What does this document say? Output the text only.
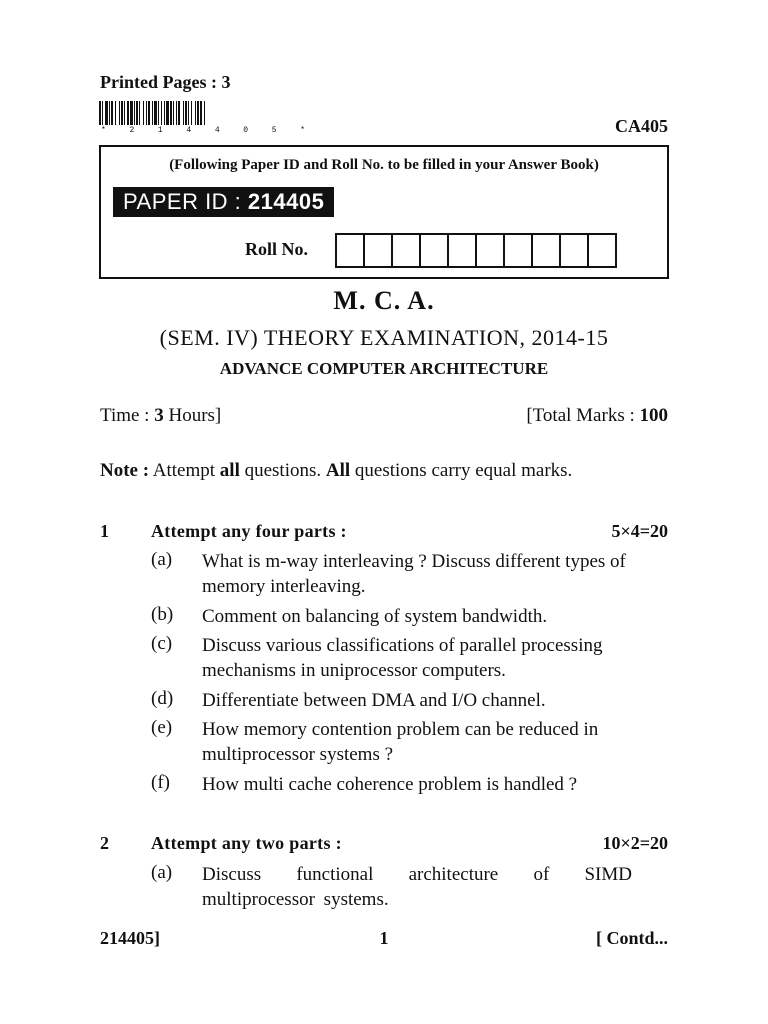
Printed Pages : 3
*	2	1	4	4	0	5	*	CA405
(Following Paper ID and Roll No. to be filled in your Answer Book)
PAPER ID : 214405
Roll No.
M. C. A.
(SEM. IV) THEORY EXAMINATION, 2014-15
ADVANCE COMPUTER ARCHITECTURE
Time : 3 Hours]	[Total Marks : 100
Note : Attempt all questions. All questions carry equal marks.
1 Attempt any four parts :	5×4=20
(a) What is m-way interleaving ? Discuss different types of memory interleaving.
(b) Comment on balancing of system bandwidth.
(c) Discuss various classifications of parallel processing mechanisms in uniprocessor computers.
(d) Differentiate between DMA and I/O channel.
(e) How memory contention problem can be reduced in multiprocessor systems ?
(f) How multi cache coherence problem is handled ?
2 Attempt any two parts :	10×2=20
(a) Discuss functional architecture of SIMD multiprocessor systems.
214405]	1	[ Contd...
